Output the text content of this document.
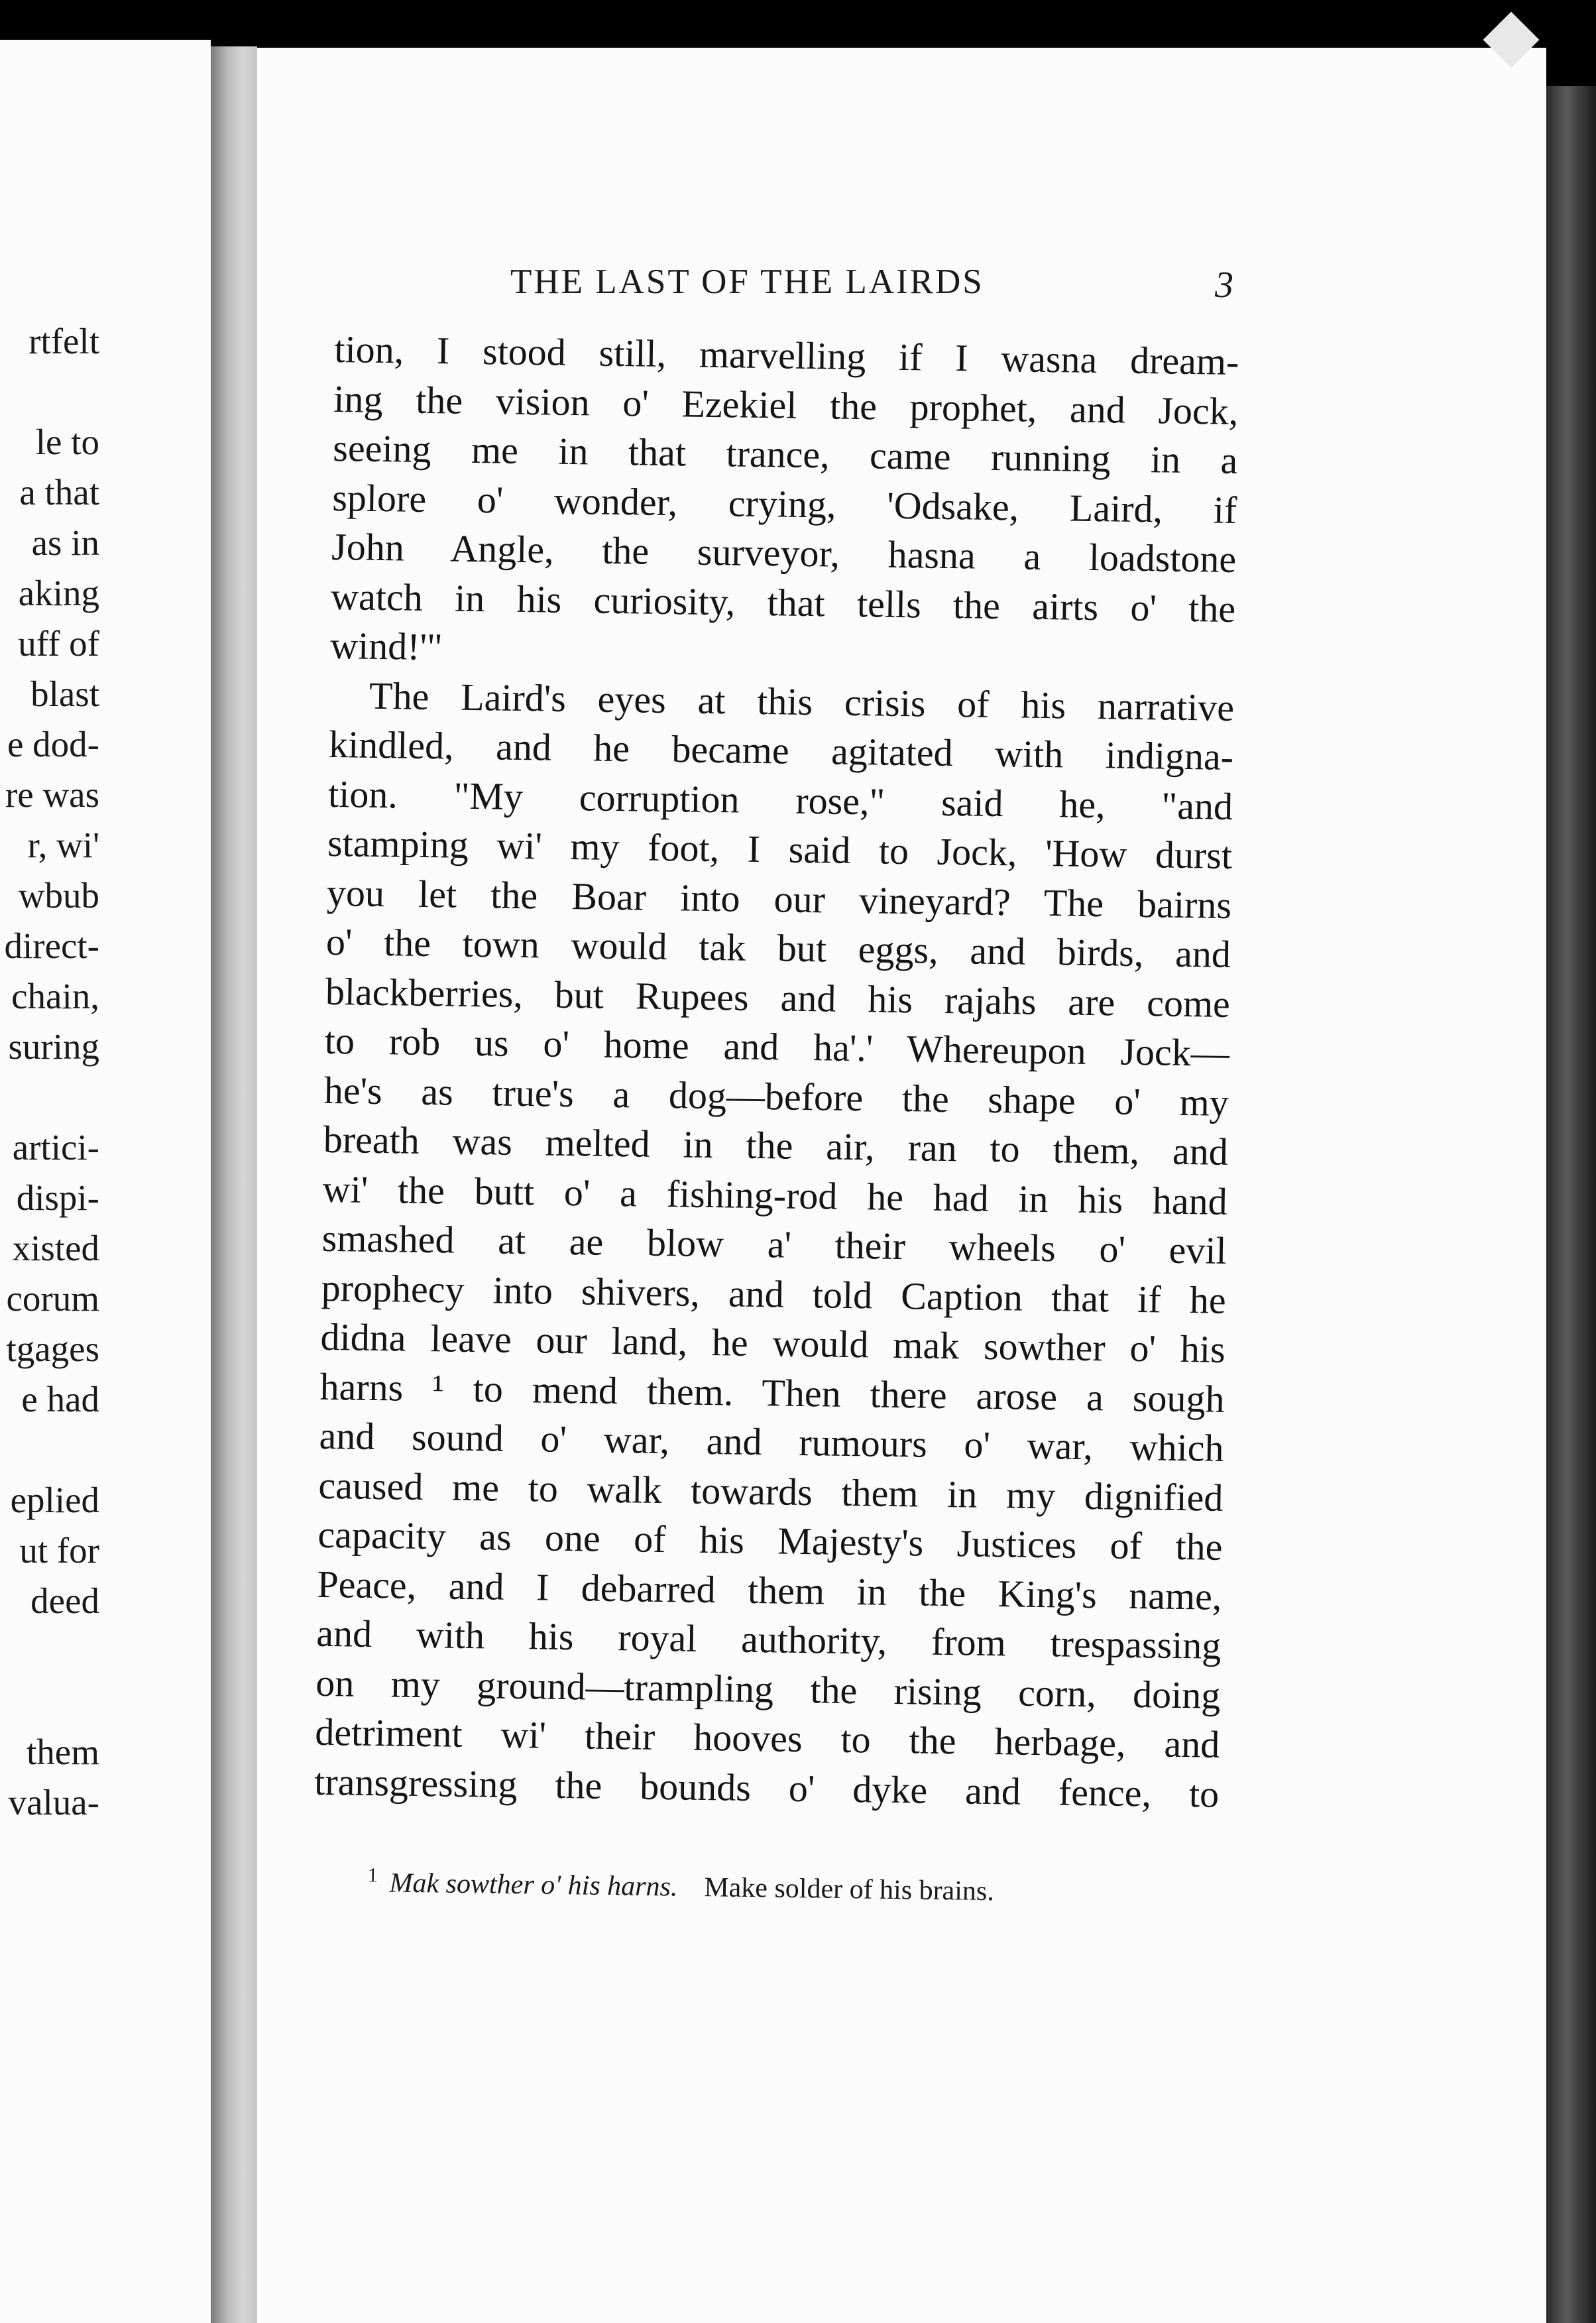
rtfelt
le to
a that
as in
aking
uff of
blast
e dod-
re was
r, wi'
wbub
direct-
chain,
suring
artici-
dispi-
xisted
corum
tgages
e had
eplied
ut for
deed
them
valua-
THE LAST OF THE LAIRDS	3
tion, I stood still, marvelling if I wasna dream-
ing the vision o' Ezekiel the prophet, and Jock,
seeing me in that trance, came running in a
splore o' wonder, crying, 'Odsake, Laird, if
John Angle, the surveyor, hasna a loadstone
watch in his curiosity, that tells the airts o' the
wind!'"
The Laird's eyes at this crisis of his narrative
kindled, and he became agitated with indigna-
tion. "My corruption rose," said he, "and
stamping wi' my foot, I said to Jock, 'How durst
you let the Boar into our vineyard? The bairns
o' the town would tak but eggs, and birds, and
blackberries, but Rupees and his rajahs are come
to rob us o' home and ha'.' Whereupon Jock—
he's as true's a dog—before the shape o' my
breath was melted in the air, ran to them, and
wi' the butt o' a fishing-rod he had in his hand
smashed at ae blow a' their wheels o' evil
prophecy into shivers, and told Caption that if he
didna leave our land, he would mak sowther o' his
harns ¹ to mend them. Then there arose a sough
and sound o' war, and rumours o' war, which
caused me to walk towards them in my dignified
capacity as one of his Majesty's Justices of the
Peace, and I debarred them in the King's name,
and with his royal authority, from trespassing
on my ground—trampling the rising corn, doing
detriment wi' their hooves to the herbage, and
transgressing the bounds o' dyke and fence, to
$^1$ Mak sowther o' his harns. Make solder of his brains.
